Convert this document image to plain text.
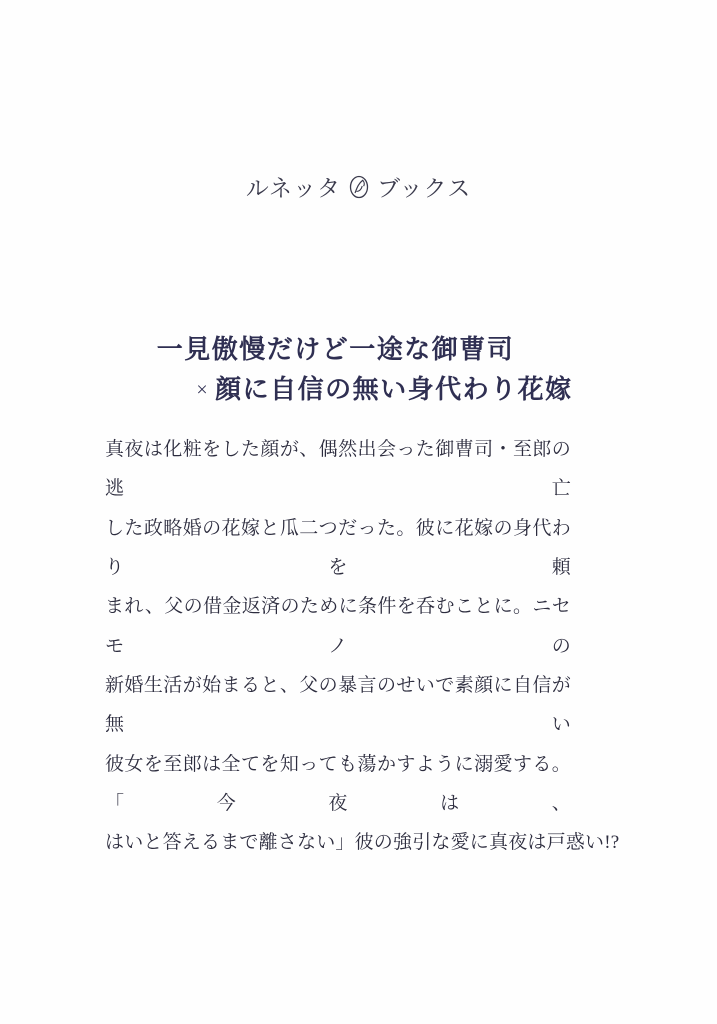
ルネッタ ブックス
一見傲慢だけど一途な御曹司
× 顔に自信の無い身代わり花嫁

真夜は化粧をした顔が、偶然出会った御曹司・至郎の逃亡
した政略婚の花嫁と瓜二つだった。彼に花嫁の身代わりを頼
まれ、父の借金返済のために条件を呑むことに。ニセモノの
新婚生活が始まると、父の暴言のせいで素顔に自信が無い
彼女を至郎は全てを知っても蕩かすように溺愛する。「今夜は、
はいと答えるまで離さない」彼の強引な愛に真夜は戸惑い!?
